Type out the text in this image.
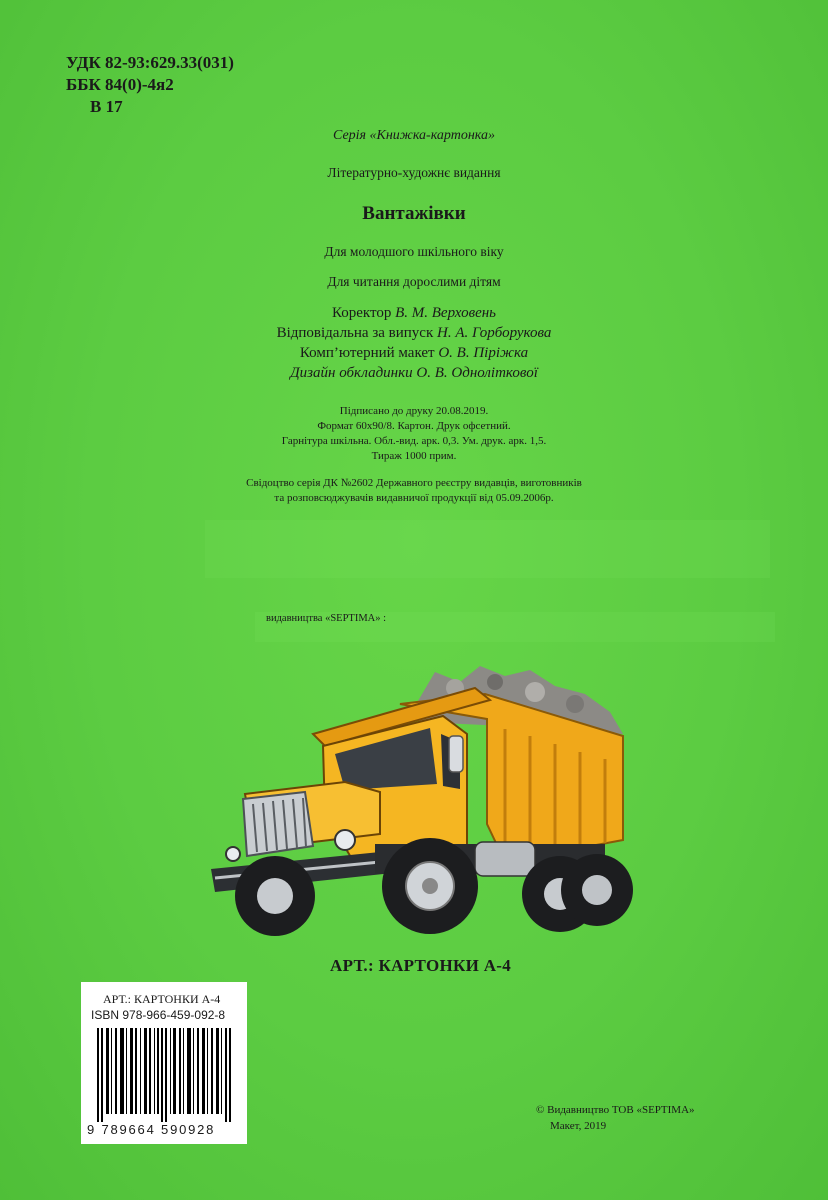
УДК 82-93:629.33(031)
ББК 84(0)-4я2
В 17
Серія «Книжка-картонка»
Літературно-художнє видання
Вантажівки
Для молодшого шкільного віку
Для читання дорослими дітям
Коректор В. М. Верховень
Відповідальна за випуск Н. А. Горборукова
Комп’ютерний макет О. В. Піріжка
Дизайн обкладинки О. В. Одноліткової
Підписано до друку 20.08.2019.
Формат 60х90/8. Картон. Друк офсетний.
Гарнітура шкільна. Обл.-вид. арк. 0,3. Ум. друк. арк. 1,5.
Тираж 1000 прим.
Свідоцтво серія ДК №2602 Державного реєстру видавців, виготовників
та розповсюджувачів видавничої продукції від 05.09.2006р.
видавництва «SEPTIMA» :
АРТ.: КАРТОНКИ А-4
АРТ.: КАРТОНКИ А-4
ISBN 978-966-459-092-8
9 789664 590928
© Видавництво ТОВ «SEPTIMA»
Макет, 2019
